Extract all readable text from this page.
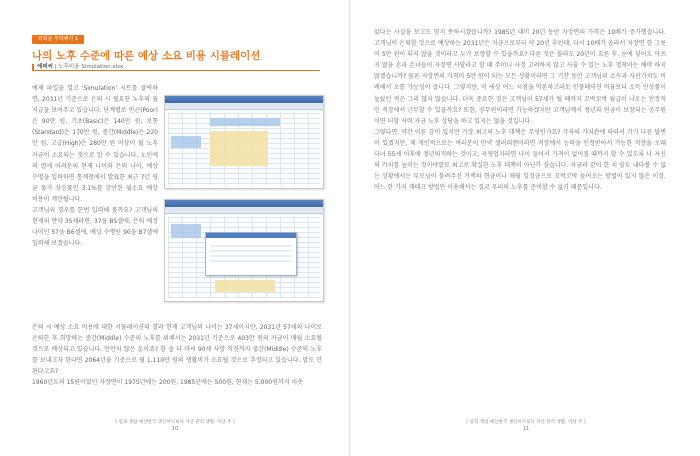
외퇴를 부탁해각 1
나의 노후 수준에 따른 예상 소요 비용 시뮬레이션
에퍼씨 | 노후비용 Simulation.xlsx

예제 파일을 열고 'Simulation' 시트를 클릭하면, 2031년 기준으로 은퇴 시 필요한 노후의 월 지급을 보여주고 있습니다. 단계별로 빈곤(Poor) 은 90만 원, 기초(Basic)은 140만 원, 보통(Standard)은 170만 원, 중간(Middle)은 220만 원, 고급(High)은 280만 원 이상이 월 노후 자금이 소요되는 것으로 알 수 있습니다. 노인에의 별에 어려운의 현재 나이와 은퇴 나이, 예상 수명을 입력하면 통계청에서 발표한 최근 7년 평균 물가 상승률인 3.1%를 감안한 월소요 예상 비용이 계산됩니다.

고객님의 경우를 한번 입력해 볼까요? 고객님의 현재의 만약 35세라면, 37을 B5셀에, 은퇴 예정 나이인 57을 B6셀에, 예상 수명인 90을 B7셀에 입력해 보겠습니다.

은퇴 시 예상 소요 비용에 대한 시뮬레이션의 결과 현재 고객님의 나이는 37세이지만, 2031년 57세의 나이로 은퇴한 후 희망하는 중간(Middle) 수준의 노후를 위해서는 2031년 기준으로 403만 원의 자금이 매월 소요될 것으로 예상되고 있습니다. 만만치 않은 돈이죠? 한 숲 더 마셔 90세 사망 직전까지 중간(Middle) 수준의 노후를 보내고자 한다면 2064년을 기준으로 월 1,110만 원의 생활비가 소요될 것으로 추정되고 있습니다. 말도 안 된다고요?

1960년도의 15원이었던 자장면이 1975년에는 200원, 1985년에는 500원, 현재는 5,000원까지 치솟

[ 일과 생업 예산한국 생산이익보다 자산 관리 생활, 이상 주 ]
10

았다는 사실을 보고도 믿지 못하시겠습니까? 1985년 대비 20년 동안 자장면의 가격은 10배가 증가했습니다. 고객님이 은퇴할 것으로 예상하는 2031년은 지금으로부터 약 20년 후인데, 다시 10배가 올라서 자장면 한 그릇이 5만 원이 되지 않을 것이라고 누가 보장할 수 있을까요? 다른 것은 몰라도 20년이 흐른 후, 눈에 넣어도 아프지 않을 손과 손녀들이 자장면 사달라고 할 때 주머니 사정 고려하지 않고 사줄 수 있는 노후 정착마는 해야 하지 않겠습니까? 물론 자장면의 가격이 5만 원이 되는 모든 상황이라면 그 기간 동안 고객님의 소득과 자산가치도 비례해서 오를 가능성이 큽니다. 그렇지만, 이 세상 어느 시점을 막론하고라도 인플레이션 비율보다 소득 인상률이 높았던 적은 그리 많지 않습니다. 더욱 중요한 것은 고객님이 57세가 될 때까지 꼬박꼬박 월급이 나오는 안정적인 직장에서 근무할 수 있을까요? 또한, 공무원이라면 가능하겠지만 고객님께서 정년과 연금이 보장되는 공무원이면 더할 저력 자금 노후 상담을 하고 있지는 않을 것입니다.

그렇다면, 약간 이른 감이 있지만 가장 최고의 노후 대책은 무엇인가요? 각자의 가치관에 따라서 각기 다른 답변이 있겠지만, 제 개인적으로는 여러분이 만약 샐러리맨이라면 직장에서 능력을 인정받아서 가능한 직장을 오래 다녀 55세 이후에 정년퇴직하는 것이고, 자영업자라면 나이 들어서 가져이 없어질 때까지 할 수 있도록 나 자신의 가치를 높이는 것이야말로 최고로 확실한 노후 대책이 아닌가 싶습니다. 자금과 같이 한 치 앞도 내다볼 수 없는 상황에서는 부모님이 물려주신 거액의 현금이나 매월 일정금으로 꼬박꼬박 들어오는 방법이 있지 않은 이상, 어느 한 가지 재테크 방법만 이용해서는 결코 우리의 노후를 준비할 수 없기 때문입니다.

[ 일과 생업 예산한국 생산이익보다 자산 관리 생활, 이상 주 ]
11
